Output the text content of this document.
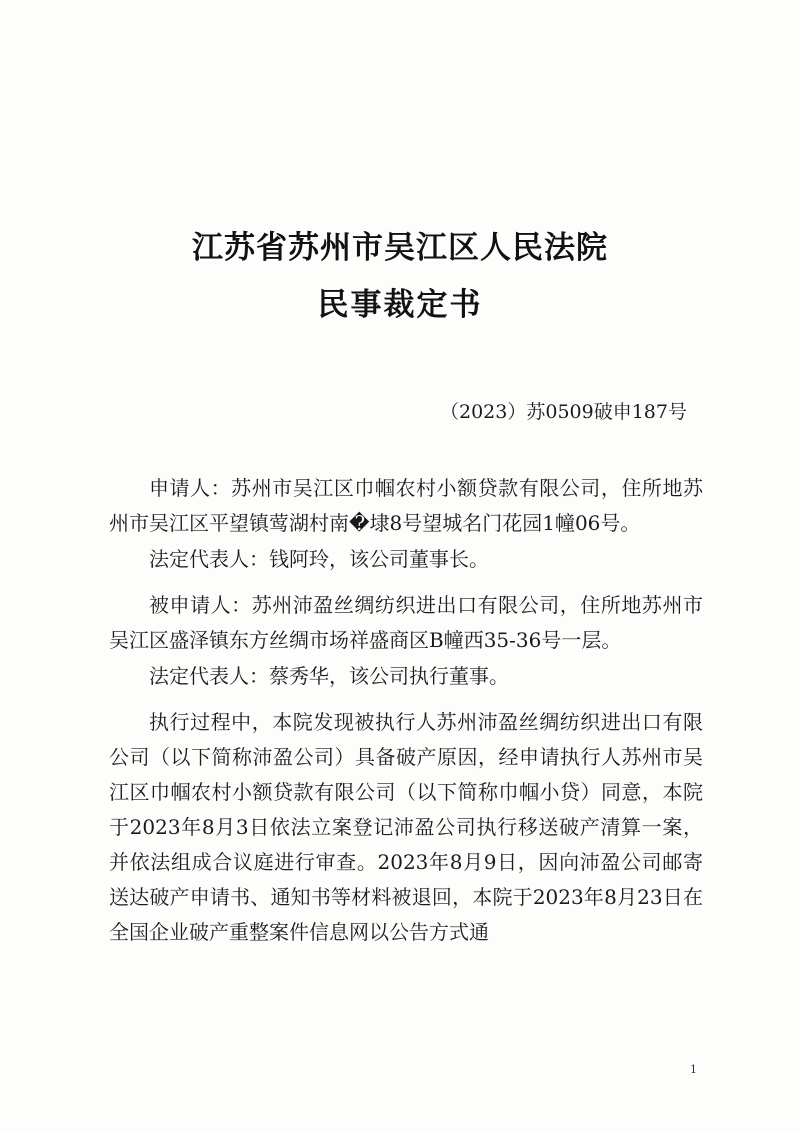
江苏省苏州市吴江区人民法院
民事裁定书
（2023）苏0509破申187号

申请人：苏州市吴江区巾帼农村小额贷款有限公司，住所地苏州市吴江区平望镇莺湖村南�埭8号望城名门花园1幢06号。

法定代表人：钱阿玲，该公司董事长。

被申请人：苏州沛盈丝绸纺织进出口有限公司，住所地苏州市吴江区盛泽镇东方丝绸市场祥盛商区B幢西35-36号一层。

法定代表人：蔡秀华，该公司执行董事。

执行过程中，本院发现被执行人苏州沛盈丝绸纺织进出口有限公司（以下简称沛盈公司）具备破产原因，经申请执行人苏州市吴江区巾帼农村小额贷款有限公司（以下简称巾帼小贷）同意，本院于2023年8月3日依法立案登记沛盈公司执行移送破产清算一案，并依法组成合议庭进行审查。2023年8月9日，因向沛盈公司邮寄送达破产申请书、通知书等材料被退回，本院于2023年8月23日在全国企业破产重整案件信息网以公告方式通

1
